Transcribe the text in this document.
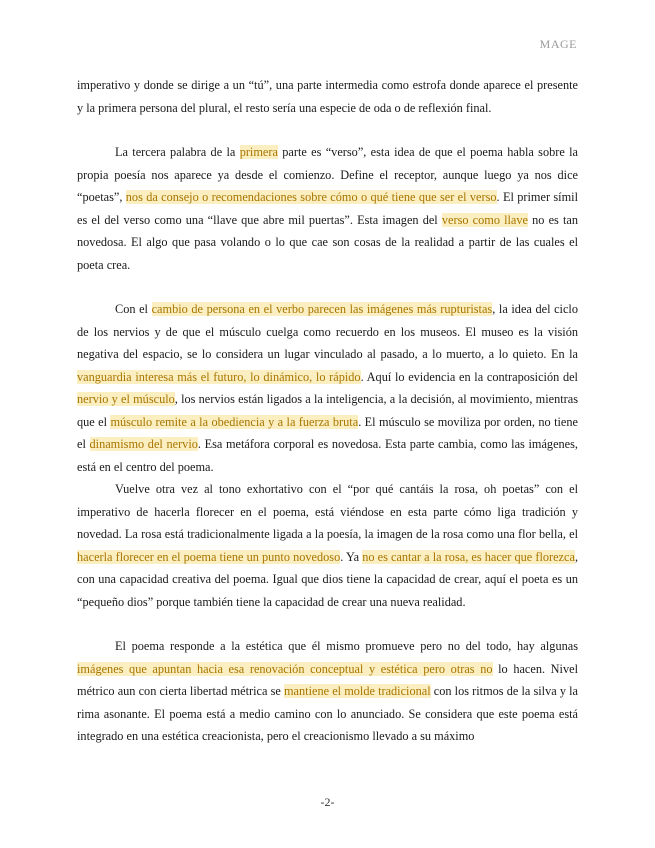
MAGE

imperativo y donde se dirige a un “tú”, una parte intermedia como estrofa donde aparece el presente y la primera persona del plural, el resto sería una especie de oda o de reflexión final.

La tercera palabra de la primera parte es “verso”, esta idea de que el poema habla sobre la propia poesía nos aparece ya desde el comienzo. Define el receptor, aunque luego ya nos dice “poetas”, nos da consejo o recomendaciones sobre cómo o qué tiene que ser el verso. El primer símil es el del verso como una “llave que abre mil puertas”. Esta imagen del verso como llave no es tan novedosa. El algo que pasa volando o lo que cae son cosas de la realidad a partir de las cuales el poeta crea.

Con el cambio de persona en el verbo parecen las imágenes más rupturistas, la idea del ciclo de los nervios y de que el músculo cuelga como recuerdo en los museos. El museo es la visión negativa del espacio, se lo considera un lugar vinculado al pasado, a lo muerto, a lo quieto. En la vanguardia interesa más el futuro, lo dinámico, lo rápido. Aquí lo evidencia en la contraposición del nervio y el músculo, los nervios están ligados a la inteligencia, a la decisión, al movimiento, mientras que el músculo remite a la obediencia y a la fuerza bruta. El músculo se moviliza por orden, no tiene el dinamismo del nervio. Esa metáfora corporal es novedosa. Esta parte cambia, como las imágenes, está en el centro del poema.

Vuelve otra vez al tono exhortativo con el “por qué cantáis la rosa, oh poetas” con el imperativo de hacerla florecer en el poema, está viéndose en esta parte cómo liga tradición y novedad. La rosa está tradicionalmente ligada a la poesía, la imagen de la rosa como una flor bella, el hacerla florecer en el poema tiene un punto novedoso. Ya no es cantar a la rosa, es hacer que florezca, con una capacidad creativa del poema. Igual que dios tiene la capacidad de crear, aquí el poeta es un “pequeño dios” porque también tiene la capacidad de crear una nueva realidad.

El poema responde a la estética que él mismo promueve pero no del todo, hay algunas imágenes que apuntan hacia esa renovación conceptual y estética pero otras no lo hacen. Nivel métrico aun con cierta libertad métrica se mantiene el molde tradicional con los ritmos de la silva y la rima asonante. El poema está a medio camino con lo anunciado. Se considera que este poema está integrado en una estética creacionista, pero el creacionismo llevado a su máximo

-2-
